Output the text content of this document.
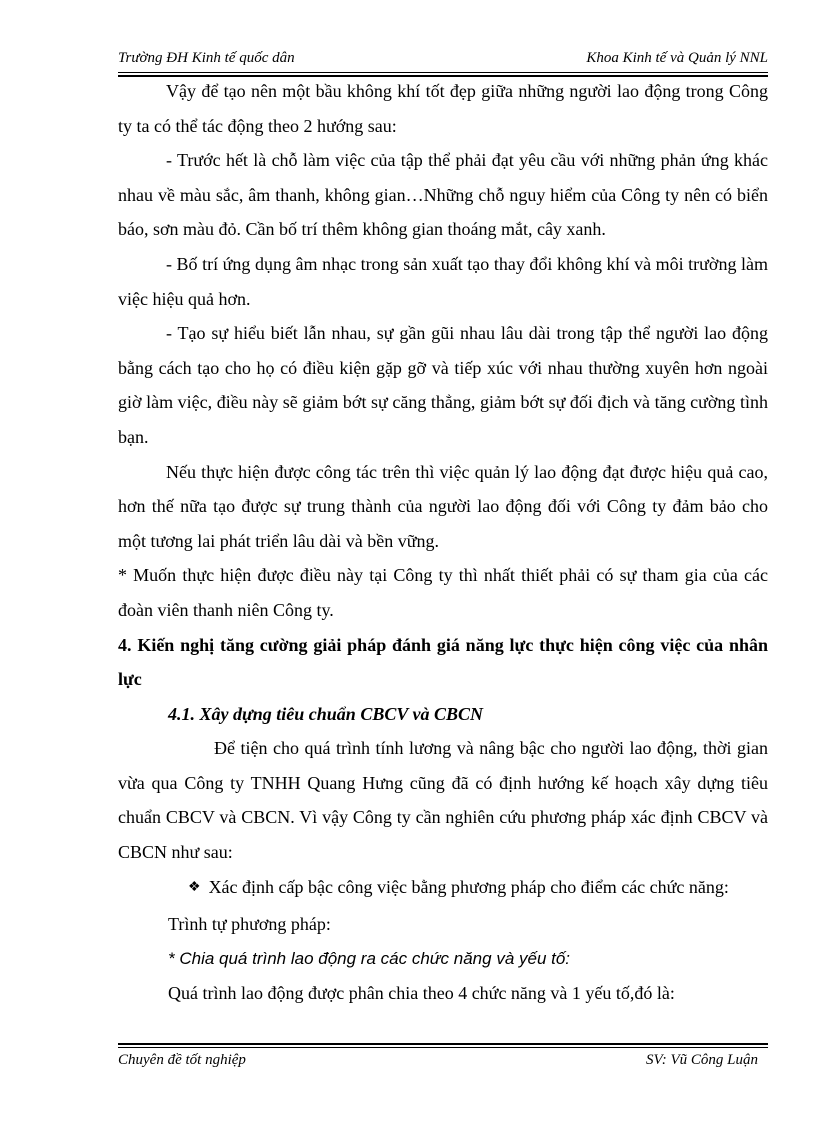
Trường ĐH Kinh tế quốc dân	Khoa Kinh tế và Quản lý NNL

Vậy để tạo nên một bầu không khí tốt đẹp giữa những người lao động trong Công ty ta có thể tác động theo 2 hướng sau:

- Trước hết là chỗ làm việc của tập thể phải đạt yêu cầu với những phản ứng khác nhau về màu sắc, âm thanh, không gian…Những chỗ nguy hiểm của Công ty nên có biển báo, sơn màu đỏ. Cần bố trí thêm không gian thoáng mắt, cây xanh.

- Bố trí ứng dụng âm nhạc trong sản xuất tạo thay đổi không khí và môi trường làm việc hiệu quả hơn.

- Tạo sự hiểu biết lẫn nhau, sự gần gũi nhau lâu dài trong tập thể người lao động bằng cách tạo cho họ có điều kiện gặp gỡ và tiếp xúc với nhau thường xuyên hơn ngoài giờ làm việc, điều này sẽ giảm bớt sự căng thẳng, giảm bớt sự đối địch và tăng cường tình bạn.

Nếu thực hiện được công tác trên thì việc quản lý lao động đạt được hiệu quả cao, hơn thế nữa tạo được sự trung thành của người lao động đối với Công ty đảm bảo cho một tương lai phát triển lâu dài và bền vững.

* Muốn thực hiện được điều này tại Công ty thì nhất thiết phải có sự tham gia của các đoàn viên thanh niên Công ty.

4. Kiến nghị tăng cường giải pháp đánh giá năng lực thực hiện công việc của nhân lực

4.1. Xây dựng tiêu chuẩn CBCV và CBCN

Để tiện cho quá trình tính lương và nâng bậc cho người lao động, thời gian vừa qua Công ty TNHH Quang Hưng cũng đã có định hướng kế hoạch xây dựng tiêu chuẩn CBCV và CBCN. Vì vậy Công ty cần nghiên cứu phương pháp xác định CBCV và CBCN như sau:

❖ Xác định cấp bậc công việc bằng phương pháp cho điểm các chức năng:

Trình tự phương pháp:

* Chia quá trình lao động ra các chức năng và yếu tố:

Quá trình lao động được phân chia theo 4 chức năng và 1 yếu tố,đó là:

Chuyên đề tốt nghiệp	SV: Vũ Công Luận
